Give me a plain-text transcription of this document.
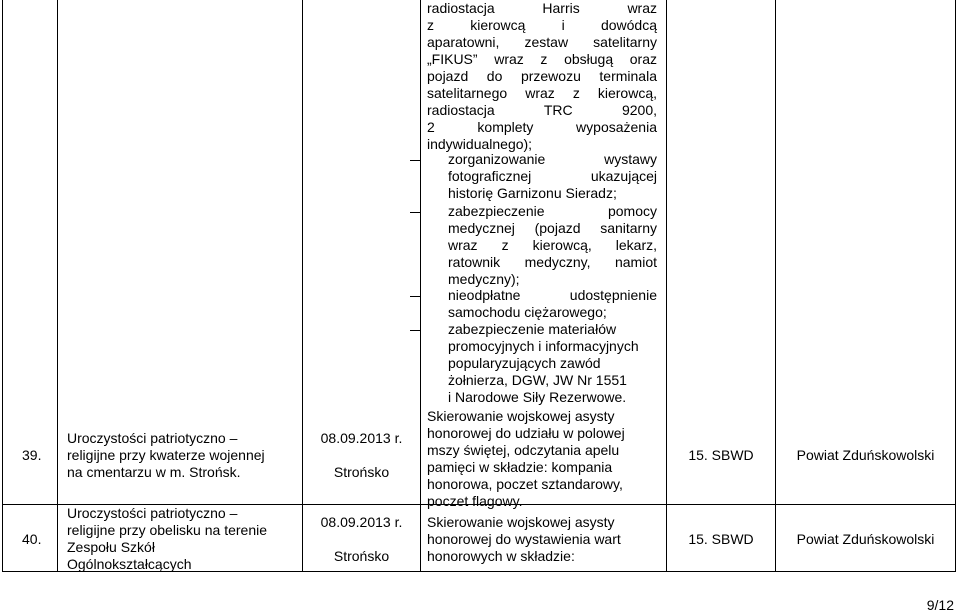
radiostacja Harris wraz
z kierowcą i dowódcą
aparatowni, zestaw satelitarny
„FIKUS” wraz z obsługą oraz
pojazd do przewozu terminala
satelitarnego wraz z kierowcą,
radiostacja TRC 9200,
2 komplety wyposażenia
indywidualnego);
zorganizowanie wystawy
fotograficznej ukazującej
historię Garnizonu Sieradz;
zabezpieczenie pomocy
medycznej (pojazd sanitarny
wraz z kierowcą, lekarz,
ratownik medyczny, namiot
medyczny);
nieodpłatne udostępnienie
samochodu ciężarowego;
zabezpieczenie materiałów
promocyjnych i informacyjnych
popularyzujących zawód
żołnierza, DGW, JW Nr 1551
i Narodowe Siły Rezerwowe.
39.
Uroczystości patriotyczno –
religijne przy kwaterze wojennej
na cmentarzu w m. Strońsk.
08.09.2013 r.
Strońsko
Skierowanie wojskowej asysty
honorowej do udziału w polowej
mszy świętej, odczytania apelu
pamięci w składzie: kompania
honorowa, poczet sztandarowy,
poczet flagowy.
15. SBWD	Powiat Zduńskowolski
40.
Uroczystości patriotyczno –
religijne przy obelisku na terenie
Zespołu Szkół
Ogólnokształcących
08.09.2013 r.
Strońsko
Skierowanie wojskowej asysty
honorowej do wystawienia wart
honorowych w składzie:
15. SBWD	Powiat Zduńskowolski
9/12
